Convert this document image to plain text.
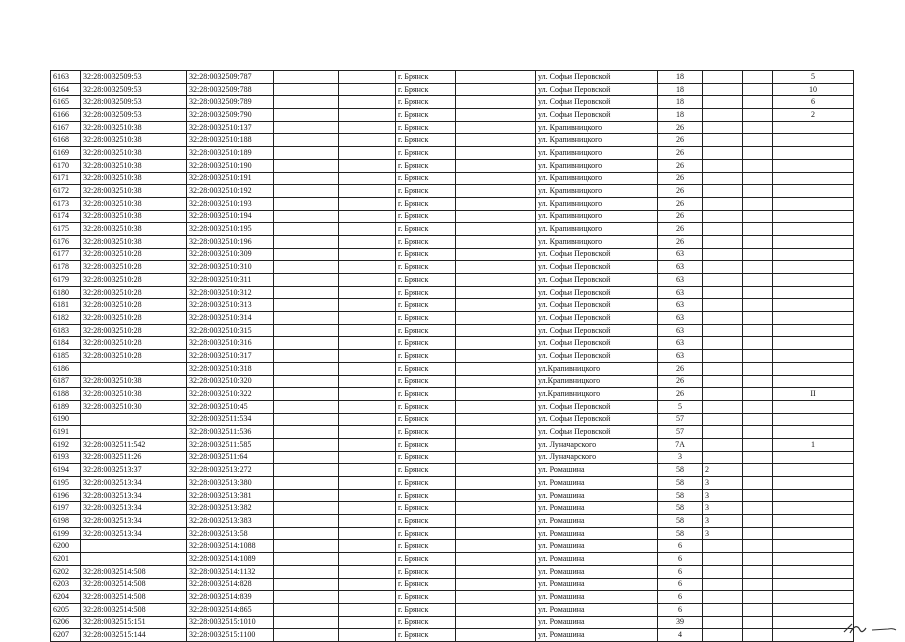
6163	32:28:0032509:53	32:28:0032509:787			г. Брянск		ул. Софьи Перовской	18			5
6164	32:28:0032509:53	32:28:0032509:788			г. Брянск		ул. Софьи Перовской	18			10
6165	32:28:0032509:53	32:28:0032509:789			г. Брянск		ул. Софьи Перовской	18			6
6166	32:28:0032509:53	32:28:0032509:790			г. Брянск		ул. Софьи Перовской	18			2
6167	32:28:0032510:38	32:28:0032510:137			г. Брянск		ул. Крапивницкого	26			
6168	32:28:0032510:38	32:28:0032510:188			г. Брянск		ул. Крапивницкого	26			
6169	32:28:0032510:38	32:28:0032510:189			г. Брянск		ул. Крапивницкого	26			
6170	32:28:0032510:38	32:28:0032510:190			г. Брянск		ул. Крапивницкого	26			
6171	32:28:0032510:38	32:28:0032510:191			г. Брянск		ул. Крапивницкого	26			
6172	32:28:0032510:38	32:28:0032510:192			г. Брянск		ул. Крапивницкого	26			
6173	32:28:0032510:38	32:28:0032510:193			г. Брянск		ул. Крапивницкого	26			
6174	32:28:0032510:38	32:28:0032510:194			г. Брянск		ул. Крапивницкого	26			
6175	32:28:0032510:38	32:28:0032510:195			г. Брянск		ул. Крапивницкого	26			
6176	32:28:0032510:38	32:28:0032510:196			г. Брянск		ул. Крапивницкого	26			
6177	32:28:0032510:28	32:28:0032510:309			г. Брянск		ул. Софьи Перовской	63			
6178	32:28:0032510:28	32:28:0032510:310			г. Брянск		ул. Софьи Перовской	63			
6179	32:28:0032510:28	32:28:0032510:311			г. Брянск		ул. Софьи Перовской	63			
6180	32:28:0032510:28	32:28:0032510:312			г. Брянск		ул. Софьи Перовской	63			
6181	32:28:0032510:28	32:28:0032510:313			г. Брянск		ул. Софьи Перовской	63			
6182	32:28:0032510:28	32:28:0032510:314			г. Брянск		ул. Софьи Перовской	63			
6183	32:28:0032510:28	32:28:0032510:315			г. Брянск		ул. Софьи Перовской	63			
6184	32:28:0032510:28	32:28:0032510:316			г. Брянск		ул. Софьи Перовской	63			
6185	32:28:0032510:28	32:28:0032510:317			г. Брянск		ул. Софьи Перовской	63			
6186		32:28:0032510:318			г. Брянск		ул.Крапивницкого	26			
6187	32:28:0032510:38	32:28:0032510:320			г. Брянск		ул.Крапивницкого	26			
6188	32:28:0032510:38	32:28:0032510:322			г. Брянск		ул.Крапивницкого	26			II
6189	32:28:0032510:30	32:28:0032510:45			г. Брянск		ул. Софьи Перовской	5			
6190		32:28:0032511:534			г. Брянск		ул. Софьи Перовской	57			
6191		32:28:0032511:536			г. Брянск		ул. Софьи Перовской	57			
6192	32:28:0032511:542	32:28:0032511:585			г. Брянск		ул. Луначарского	7А			1
6193	32:28:0032511:26	32:28:0032511:64			г. Брянск		ул. Луначарского	3			
6194	32:28:0032513:37	32:28:0032513:272			г. Брянск		ул. Ромашина	58	2		
6195	32:28:0032513:34	32:28:0032513:380			г. Брянск		ул. Ромашина	58	3		
6196	32:28:0032513:34	32:28:0032513:381			г. Брянск		ул. Ромашина	58	3		
6197	32:28:0032513:34	32:28:0032513:382			г. Брянск		ул. Ромашина	58	3		
6198	32:28:0032513:34	32:28:0032513:383			г. Брянск		ул. Ромашина	58	3		
6199	32:28:0032513:34	32:28:0032513:58			г. Брянск		ул. Ромашина	58	3		
6200		32:28:0032514:1088			г. Брянск		ул. Ромашина	6			
6201		32:28:0032514:1089			г. Брянск		ул. Ромашина	6			
6202	32:28:0032514:508	32:28:0032514:1132			г. Брянск		ул. Ромашина	6			
6203	32:28:0032514:508	32:28:0032514:828			г. Брянск		ул. Ромашина	6			
6204	32:28:0032514:508	32:28:0032514:839			г. Брянск		ул. Ромашина	6			
6205	32:28:0032514:508	32:28:0032514:865			г. Брянск		ул. Ромашина	6			
6206	32:28:0032515:151	32:28:0032515:1010			г. Брянск		ул. Ромашина	39			
6207	32:28:0032515:144	32:28:0032515:1100			г. Брянск		ул. Ромашина	4			
